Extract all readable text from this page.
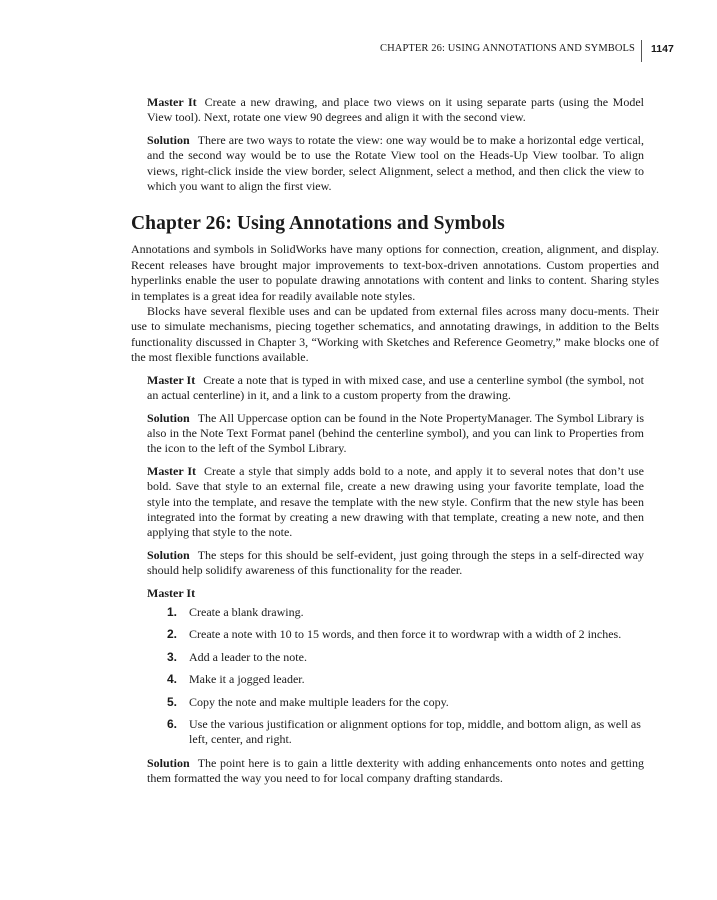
CHAPTER 26: USING ANNOTATIONS AND SYMBOLS 1147

Master It Create a new drawing, and place two views on it using separate parts (using the Model View tool). Next, rotate one view 90 degrees and align it with the second view.

Solution There are two ways to rotate the view: one way would be to make a horizontal edge vertical, and the second way would be to use the Rotate View tool on the Heads-Up View toolbar. To align views, right-click inside the view border, select Alignment, select a method, and then click the view to which you want to align the first view.

Chapter 26: Using Annotations and Symbols

Annotations and symbols in SolidWorks have many options for connection, creation, alignment, and display. Recent releases have brought major improvements to text-box-driven annotations. Custom properties and hyperlinks enable the user to populate drawing annotations with content and links to content. Sharing styles in templates is a great idea for readily available note styles.

Blocks have several flexible uses and can be updated from external files across many docu-ments. Their use to simulate mechanisms, piecing together schematics, and annotating drawings, in addition to the Belts functionality discussed in Chapter 3, “Working with Sketches and Reference Geometry,” make blocks one of the most flexible functions available.

Master It Create a note that is typed in with mixed case, and use a centerline symbol (the symbol, not an actual centerline) in it, and a link to a custom property from the drawing.

Solution The All Uppercase option can be found in the Note PropertyManager. The Symbol Library is also in the Note Text Format panel (behind the centerline symbol), and you can link to Properties from the icon to the left of the Symbol Library.

Master It Create a style that simply adds bold to a note, and apply it to several notes that don’t use bold. Save that style to an external file, create a new drawing using your favorite template, load the style into the template, and resave the template with the new style. Confirm that the new style has been integrated into the format by creating a new drawing with that template, creating a new note, and then applying that style to the note.

Solution The steps for this should be self-evident, just going through the steps in a self-directed way should help solidify awareness of this functionality for the reader.

Master It

1. Create a blank drawing.
2. Create a note with 10 to 15 words, and then force it to wordwrap with a width of 2 inches.
3. Add a leader to the note.
4. Make it a jogged leader.
5. Copy the note and make multiple leaders for the copy.
6. Use the various justification or alignment options for top, middle, and bottom align, as well as left, center, and right.

Solution The point here is to gain a little dexterity with adding enhancements onto notes and getting them formatted the way you need to for local company drafting standards.
